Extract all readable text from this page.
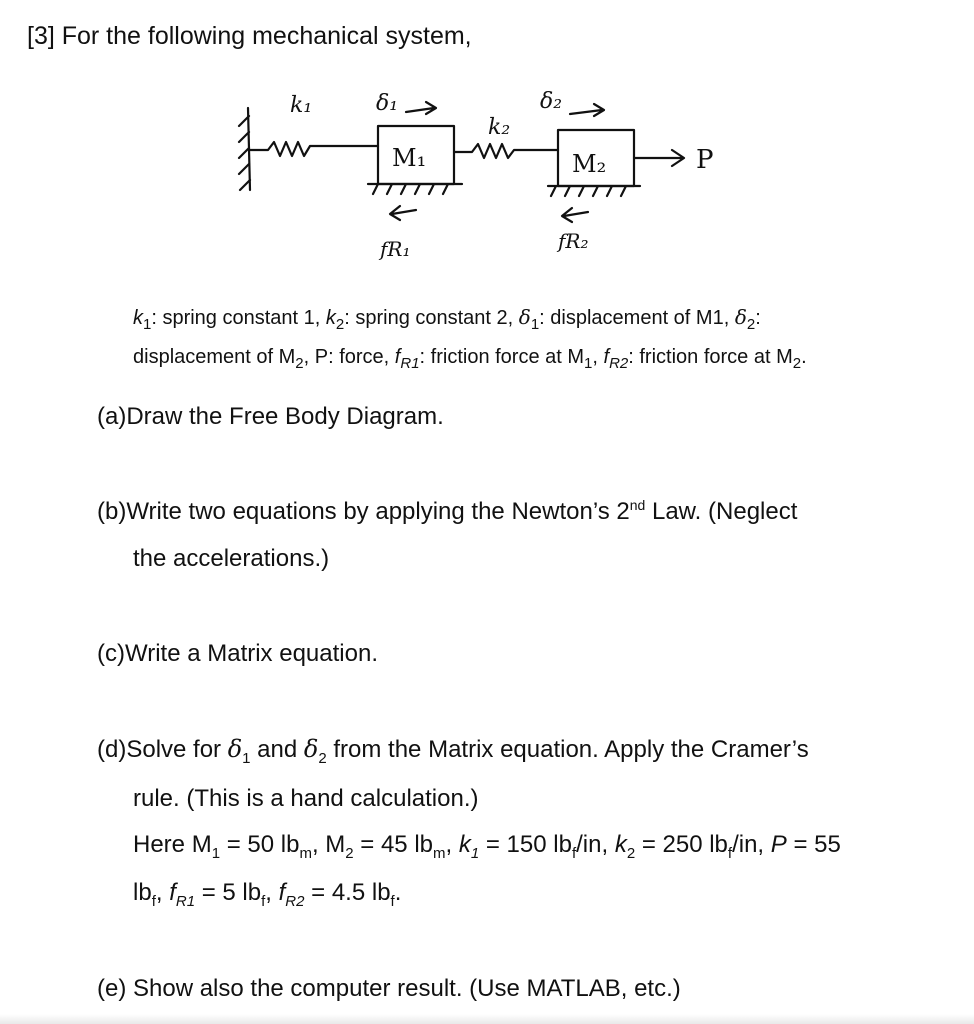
[3] For the following mechanical system,
k₁	δ₁
M₁
k₂
δ₂
M₂	P
fR₁	fR₂
$k_1$: spring constant 1, $k_2$: spring constant 2, $\delta_1$: displacement of M1, $\delta_2$:
displacement of $M_2$, P: force, $f_{R1}$: friction force at $M_1$, $f_{R2}$: friction force at $M_2$.
(a)Draw the Free Body Diagram.
(b)Write two equations by applying the Newton’s 2nd Law. (Neglect
the accelerations.)
(c)Write a Matrix equation.
(d)Solve for $\delta_1$ and $\delta_2$ from the Matrix equation. Apply the Cramer’s
rule. (This is a hand calculation.)
Here $M_1 = 50$ $lb_m$, $M_2 = 45$ $lb_m$, $k_1 = 150$ $lb_f/in$, $k_2 = 250$ $lb_f/in$, P = 55
$lb_f$, $f_{R1} = 5$ $lb_f$, $f_{R2} = 4.5$ $lb_f$.
(e) Show also the computer result. (Use MATLAB, etc.)
